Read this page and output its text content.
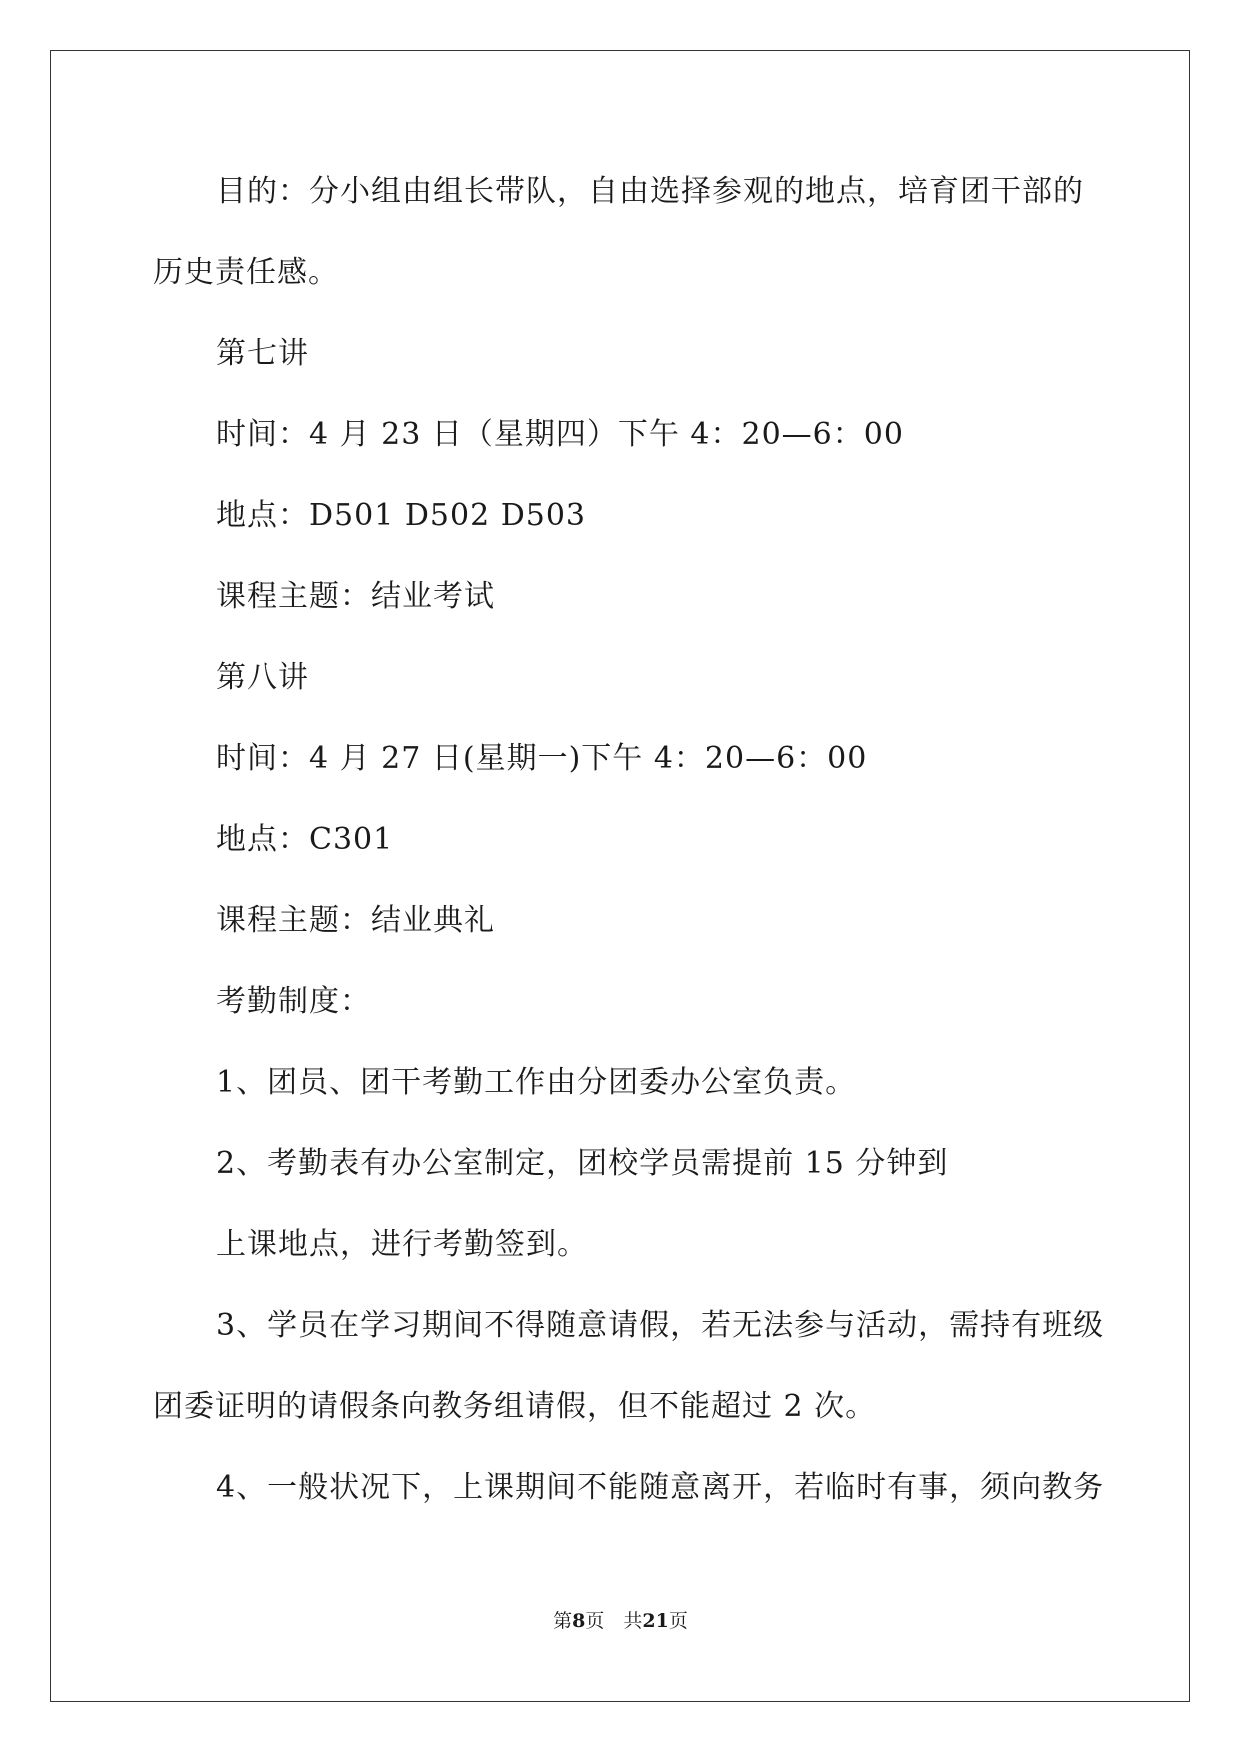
目的：分小组由组长带队，自由选择参观的地点，培育团干部的
历史责任感。
第七讲
时间：4 月 23 日（星期四）下午 4：20—6：00
地点：D501 D502 D503
课程主题：结业考试
第八讲
时间：4 月 27 日(星期一)下午 4：20—6：00
地点：C301
课程主题：结业典礼
考勤制度：
1、团员、团干考勤工作由分团委办公室负责。
2、考勤表有办公室制定，团校学员需提前 15 分钟到
上课地点，进行考勤签到。
3、学员在学习期间不得随意请假，若无法参与活动，需持有班级
团委证明的请假条向教务组请假，但不能超过 2 次。
4、一般状况下，上课期间不能随意离开，若临时有事，须向教务
第8页　共21页
